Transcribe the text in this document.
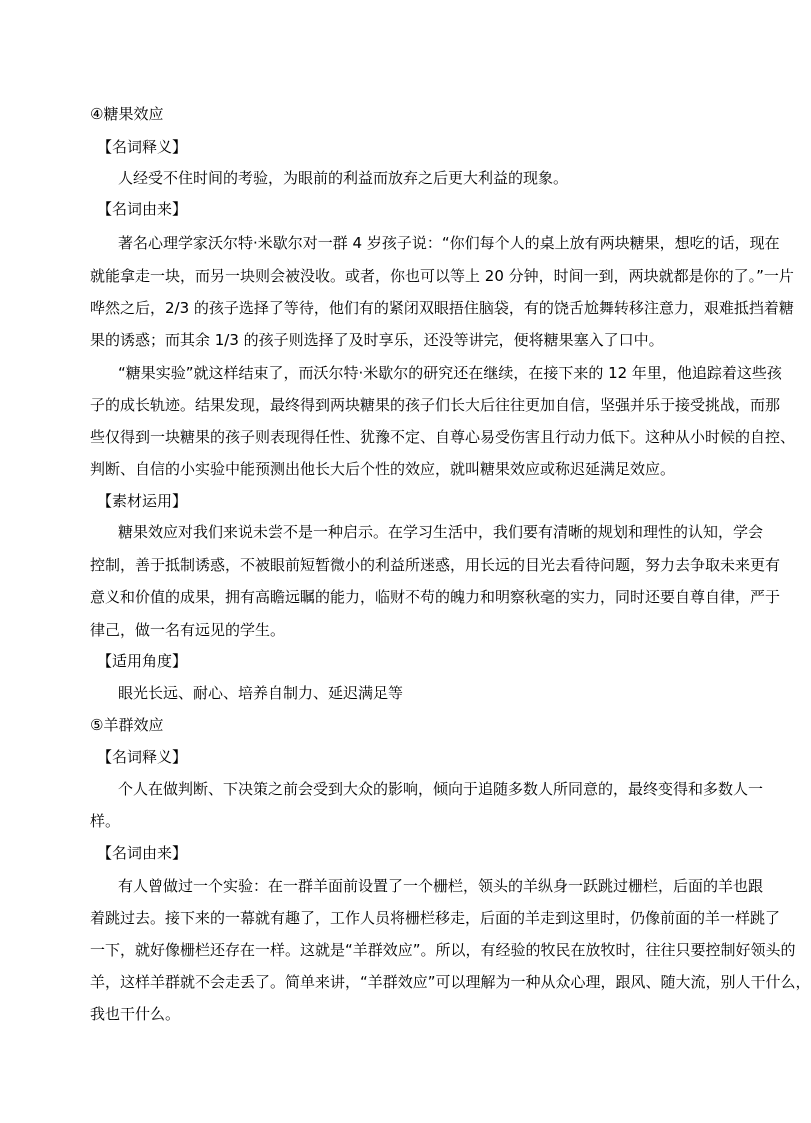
④糖果效应
【名词释义】
人经受不住时间的考验，为眼前的利益而放弃之后更大利益的现象。
【名词由来】
著名心理学家沃尔特·米歇尔对一群 4 岁孩子说：“你们每个人的桌上放有两块糖果，想吃的话，现在
就能拿走一块，而另一块则会被没收。或者，你也可以等上 20 分钟，时间一到，两块就都是你的了。”一片
哗然之后，2/3 的孩子选择了等待，他们有的紧闭双眼捂住脑袋，有的饶舌尬舞转移注意力，艰难抵挡着糖
果的诱惑；而其余 1/3 的孩子则选择了及时享乐，还没等讲完，便将糖果塞入了口中。
“糖果实验”就这样结束了，而沃尔特·米歇尔的研究还在继续，在接下来的 12 年里，他追踪着这些孩
子的成长轨迹。结果发现，最终得到两块糖果的孩子们长大后往往更加自信，坚强并乐于接受挑战，而那
些仅得到一块糖果的孩子则表现得任性、犹豫不定、自尊心易受伤害且行动力低下。这种从小时候的自控、
判断、自信的小实验中能预测出他长大后个性的效应，就叫糖果效应或称迟延满足效应。
【素材运用】
糖果效应对我们来说未尝不是一种启示。在学习生活中，我们要有清晰的规划和理性的认知，学会
控制，善于抵制诱惑，不被眼前短暂微小的利益所迷惑，用长远的目光去看待问题，努力去争取未来更有
意义和价值的成果，拥有高瞻远瞩的能力，临财不苟的魄力和明察秋毫的实力，同时还要自尊自律，严于
律己，做一名有远见的学生。
【适用角度】
眼光长远、耐心、培养自制力、延迟满足等
⑤羊群效应
【名词释义】
个人在做判断、下决策之前会受到大众的影响，倾向于追随多数人所同意的，最终变得和多数人一
样。
【名词由来】
有人曾做过一个实验：在一群羊面前设置了一个栅栏，领头的羊纵身一跃跳过栅栏，后面的羊也跟
着跳过去。接下来的一幕就有趣了，工作人员将栅栏移走，后面的羊走到这里时，仍像前面的羊一样跳了
一下，就好像栅栏还存在一样。这就是“羊群效应”。所以，有经验的牧民在放牧时，往往只要控制好领头的
羊，这样羊群就不会走丢了。简单来讲，“羊群效应”可以理解为一种从众心理，跟风、随大流，别人干什么，
我也干什么。
